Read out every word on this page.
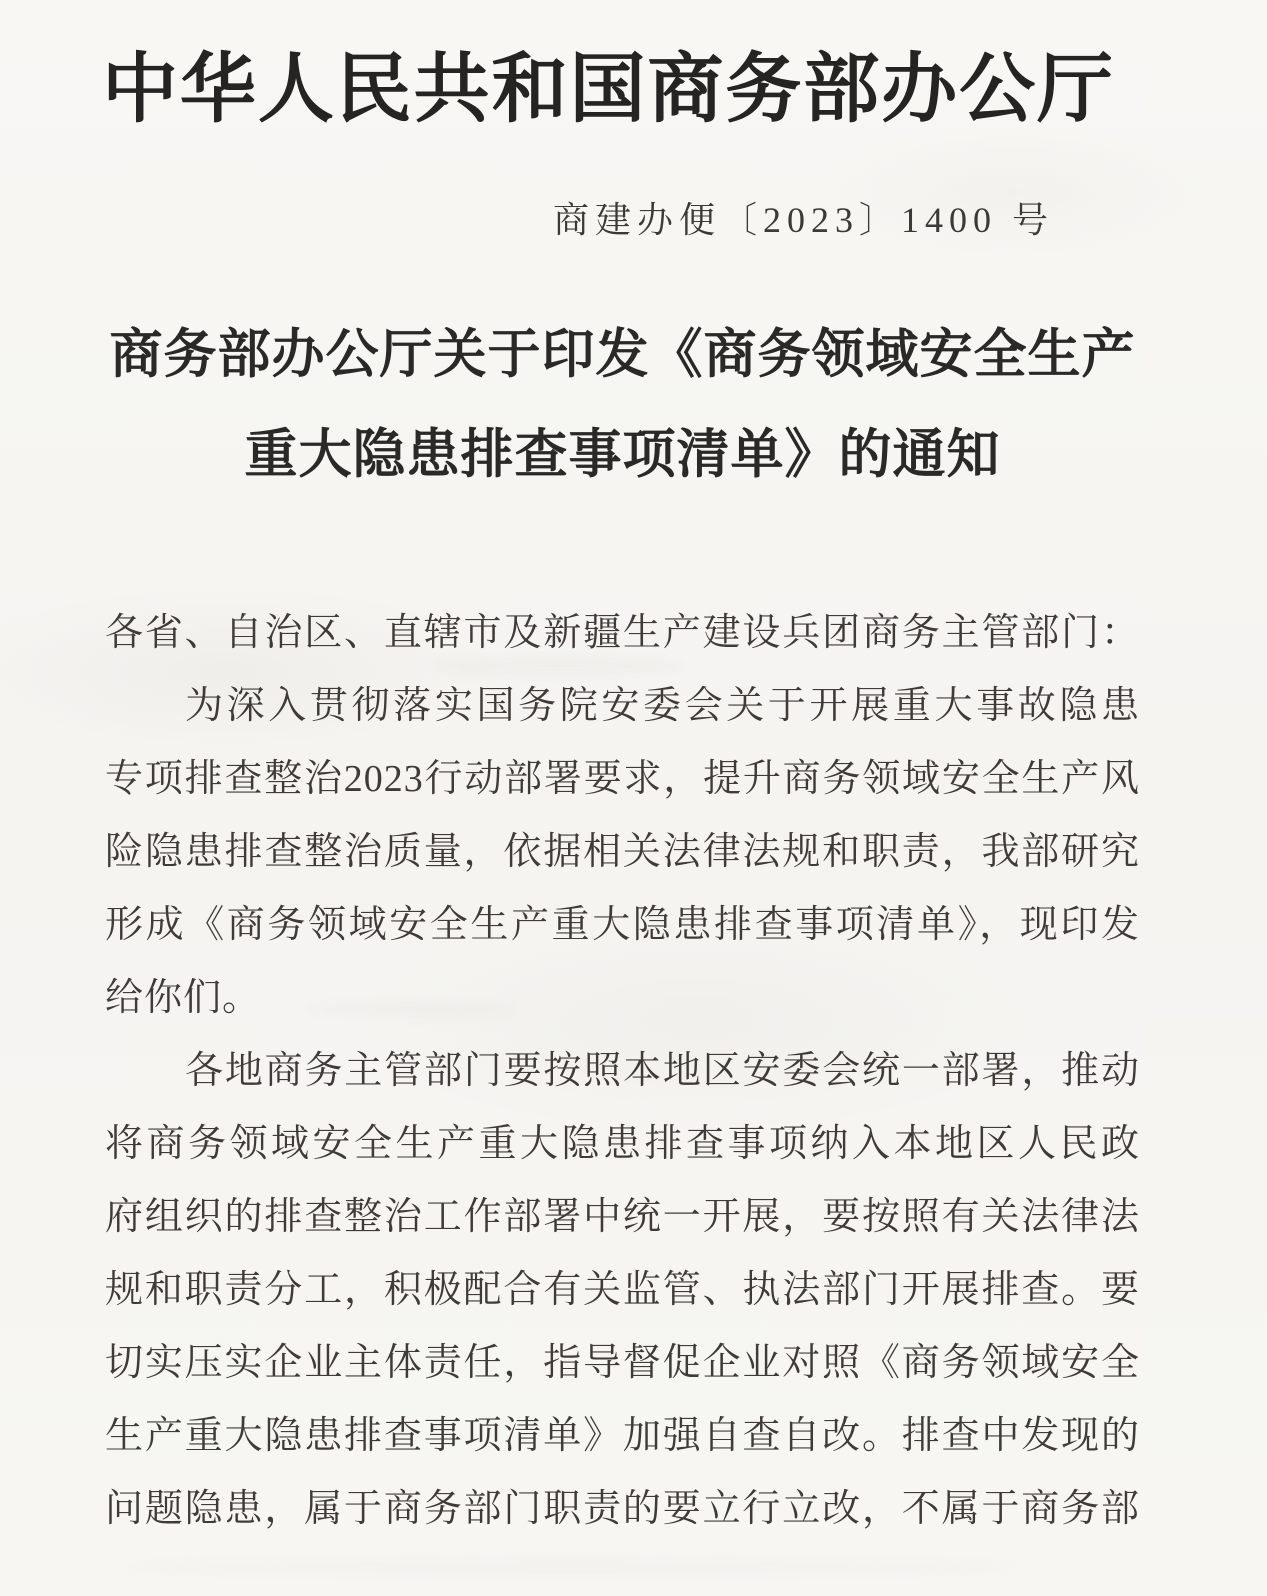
中华人民共和国商务部办公厅
商建办便〔2023〕1400 号
商务部办公厅关于印发《商务领域安全生产
重大隐患排查事项清单》的通知
各省、自治区、直辖市及新疆生产建设兵团商务主管部门：
为深入贯彻落实国务院安委会关于开展重大事故隐患
专项排查整治2023行动部署要求，提升商务领域安全生产风
险隐患排查整治质量，依据相关法律法规和职责，我部研究
形成《商务领域安全生产重大隐患排查事项清单》，现印发
给你们。
各地商务主管部门要按照本地区安委会统一部署，推动
将商务领域安全生产重大隐患排查事项纳入本地区人民政
府组织的排查整治工作部署中统一开展，要按照有关法律法
规和职责分工，积极配合有关监管、执法部门开展排查。要
切实压实企业主体责任，指导督促企业对照《商务领域安全
生产重大隐患排查事项清单》加强自查自改。排查中发现的
问题隐患，属于商务部门职责的要立行立改，不属于商务部
